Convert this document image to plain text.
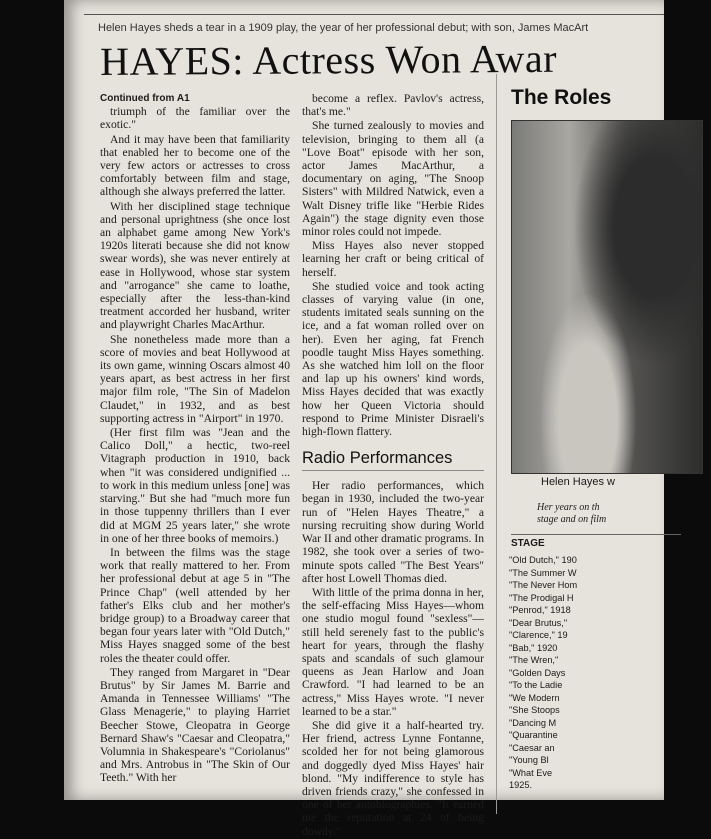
Helen Hayes sheds a tear in a 1909 play, the year of her professional debut; with son, James MacArt
HAYES: Actress Won Awar
Continued from A1

triumph of the familiar over the exotic."

And it may have been that familiarity that enabled her to become one of the very few actors or actresses to cross comfortably between film and stage, although she always preferred the latter.

With her disciplined stage technique and personal uprightness (she once lost an alphabet game among New York's 1920s literati because she did not know swear words), she was never entirely at ease in Hollywood, whose star system and "arrogance" she came to loathe, especially after the less-than-kind treatment accorded her husband, writer and playwright Charles MacArthur.

She nonetheless made more than a score of movies and beat Hollywood at its own game, winning Oscars almost 40 years apart, as best actress in her first major film role, "The Sin of Madelon Claudet," in 1932, and as best supporting actress in "Airport" in 1970.

(Her first film was "Jean and the Calico Doll," a hectic, two-reel Vitagraph production in 1910, back when "it was considered undignified ... to work in this medium unless [one] was starving." But she had "much more fun in those tuppenny thrillers than I ever did at MGM 25 years later," she wrote in one of her three books of memoirs.)

In between the films was the stage work that really mattered to her. From her professional debut at age 5 in "The Prince Chap" (well attended by her father's Elks club and her mother's bridge group) to a Broadway career that began four years later with "Old Dutch," Miss Hayes snagged some of the best roles the theater could offer.

They ranged from Margaret in "Dear Brutus" by Sir James M. Barrie and Amanda in Tennessee Williams' "The Glass Menagerie," to playing Harriet Beecher Stowe, Cleopatra in George Bernard Shaw's "Caesar and Cleopatra," Volumnia in Shakespeare's "Coriolanus" and Mrs. Antrobus in "The Skin of Our Teeth." With her

become a reflex. Pavlov's actress, that's me."

She turned zealously to movies and television, bringing to them all (a "Love Boat" episode with her son, actor James MacArthur, a documentary on aging, "The Snoop Sisters" with Mildred Natwick, even a Walt Disney trifle like "Herbie Rides Again") the stage dignity even those minor roles could not impede.

Miss Hayes also never stopped learning her craft or being critical of herself.

She studied voice and took acting classes of varying value (in one, students imitated seals sunning on the ice, and a fat woman rolled over on her). Even her aging, fat French poodle taught Miss Hayes something. As she watched him loll on the floor and lap up his owners' kind words, Miss Hayes decided that was exactly how her Queen Victoria should respond to Prime Minister Disraeli's high-flown flattery.

Radio Performances

Her radio performances, which began in 1930, included the two-year run of "Helen Hayes Theatre," a nursing recruiting show during World War II and other dramatic programs. In 1982, she took over a series of two-minute spots called "The Best Years" after host Lowell Thomas died.

With little of the prima donna in her, the self-effacing Miss Hayes—whom one studio mogul found "sexless"—still held serenely fast to the public's heart for years, through the flashy spats and scandals of such glamour queens as Jean Harlow and Joan Crawford. "I had learned to be an actress," Miss Hayes wrote. "I never learned to be a star."

She did give it a half-hearted try. Her friend, actress Lynne Fontanne, scolded her for not being glamorous and doggedly dyed Miss Hayes' hair blond. "My indifference to style has driven friends crazy," she confessed in one of her autobiographies. "It earned me the reputation at 24 of being dowdy."

The Roles
Helen Hayes w
Her years on th
stage and on film
STAGE
"Old Dutch," 190
"The Summer W
"The Never Hom
"The Prodigal H
"Penrod," 1918
"Dear Brutus,"
"Clarence," 19
"Bab," 1920
"The Wren,"
"Golden Days
"To the Ladie
"We Modern
"She Stoops
"Dancing M
"Quarantine
"Caesar an
"Young Bl
"What Eve
1925.
